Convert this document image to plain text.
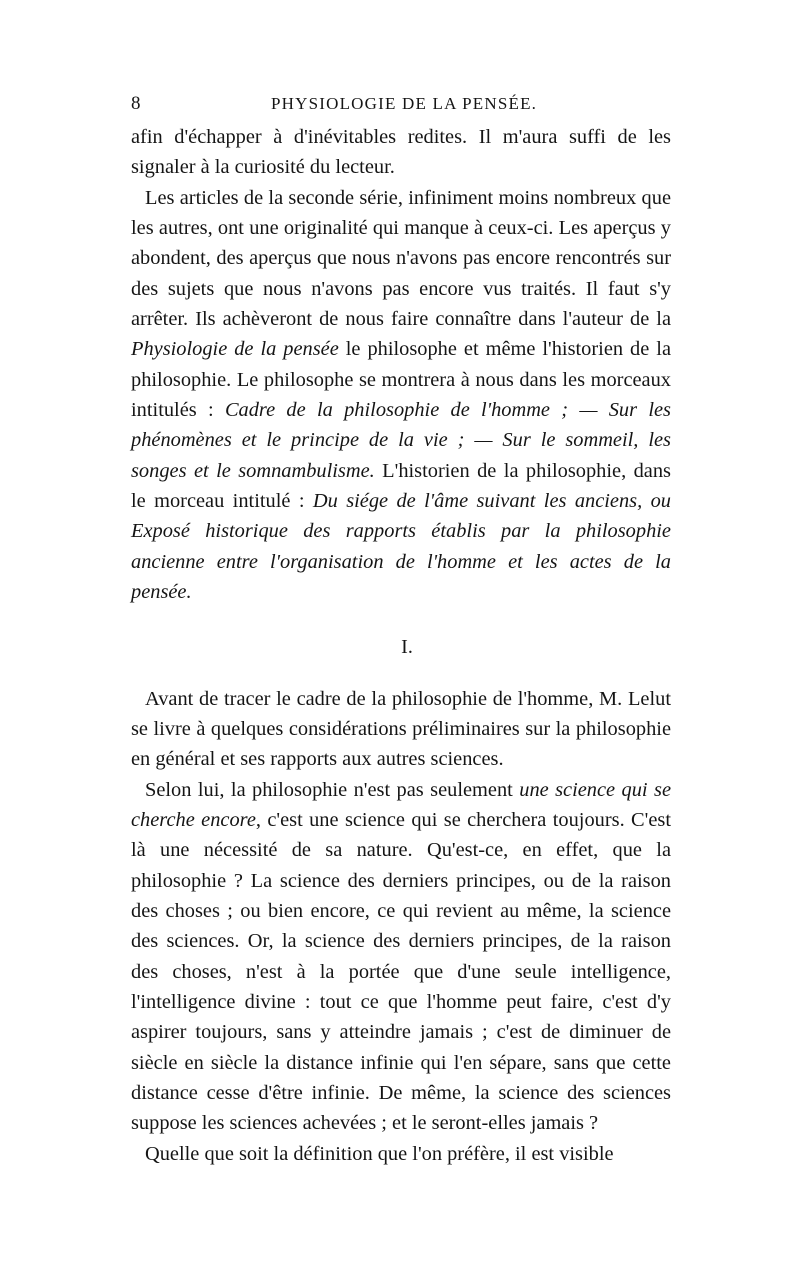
8	PHYSIOLOGIE DE LA PENSÉE.

afin d'échapper à d'inévitables redites. Il m'aura suffi de les signaler à la curiosité du lecteur.

Les articles de la seconde série, infiniment moins nombreux que les autres, ont une originalité qui manque à ceux-ci. Les aperçus y abondent, des aperçus que nous n'avons pas encore rencontrés sur des sujets que nous n'avons pas encore vus traités. Il faut s'y arrêter. Ils achèveront de nous faire connaître dans l'auteur de la Physiologie de la pensée le philosophe et même l'historien de la philosophie. Le philosophe se montrera à nous dans les morceaux intitulés : Cadre de la philosophie de l'homme ; — Sur les phénomènes et le principe de la vie ; — Sur le sommeil, les songes et le somnambulisme. L'historien de la philosophie, dans le morceau intitulé : Du siége de l'âme suivant les anciens, ou Exposé historique des rapports établis par la philosophie ancienne entre l'organisation de l'homme et les actes de la pensée.

I.

Avant de tracer le cadre de la philosophie de l'homme, M. Lelut se livre à quelques considérations préliminaires sur la philosophie en général et ses rapports aux autres sciences.

Selon lui, la philosophie n'est pas seulement une science qui se cherche encore, c'est une science qui se cherchera toujours. C'est là une nécessité de sa nature. Qu'est-ce, en effet, que la philosophie ? La science des derniers principes, ou de la raison des choses ; ou bien encore, ce qui revient au même, la science des sciences. Or, la science des derniers principes, de la raison des choses, n'est à la portée que d'une seule intelligence, l'intelligence divine : tout ce que l'homme peut faire, c'est d'y aspirer toujours, sans y atteindre jamais ; c'est de diminuer de siècle en siècle la distance infinie qui l'en sépare, sans que cette distance cesse d'être infinie. De même, la science des sciences suppose les sciences achevées ; et le seront-elles jamais ?

Quelle que soit la définition que l'on préfère, il est visible
